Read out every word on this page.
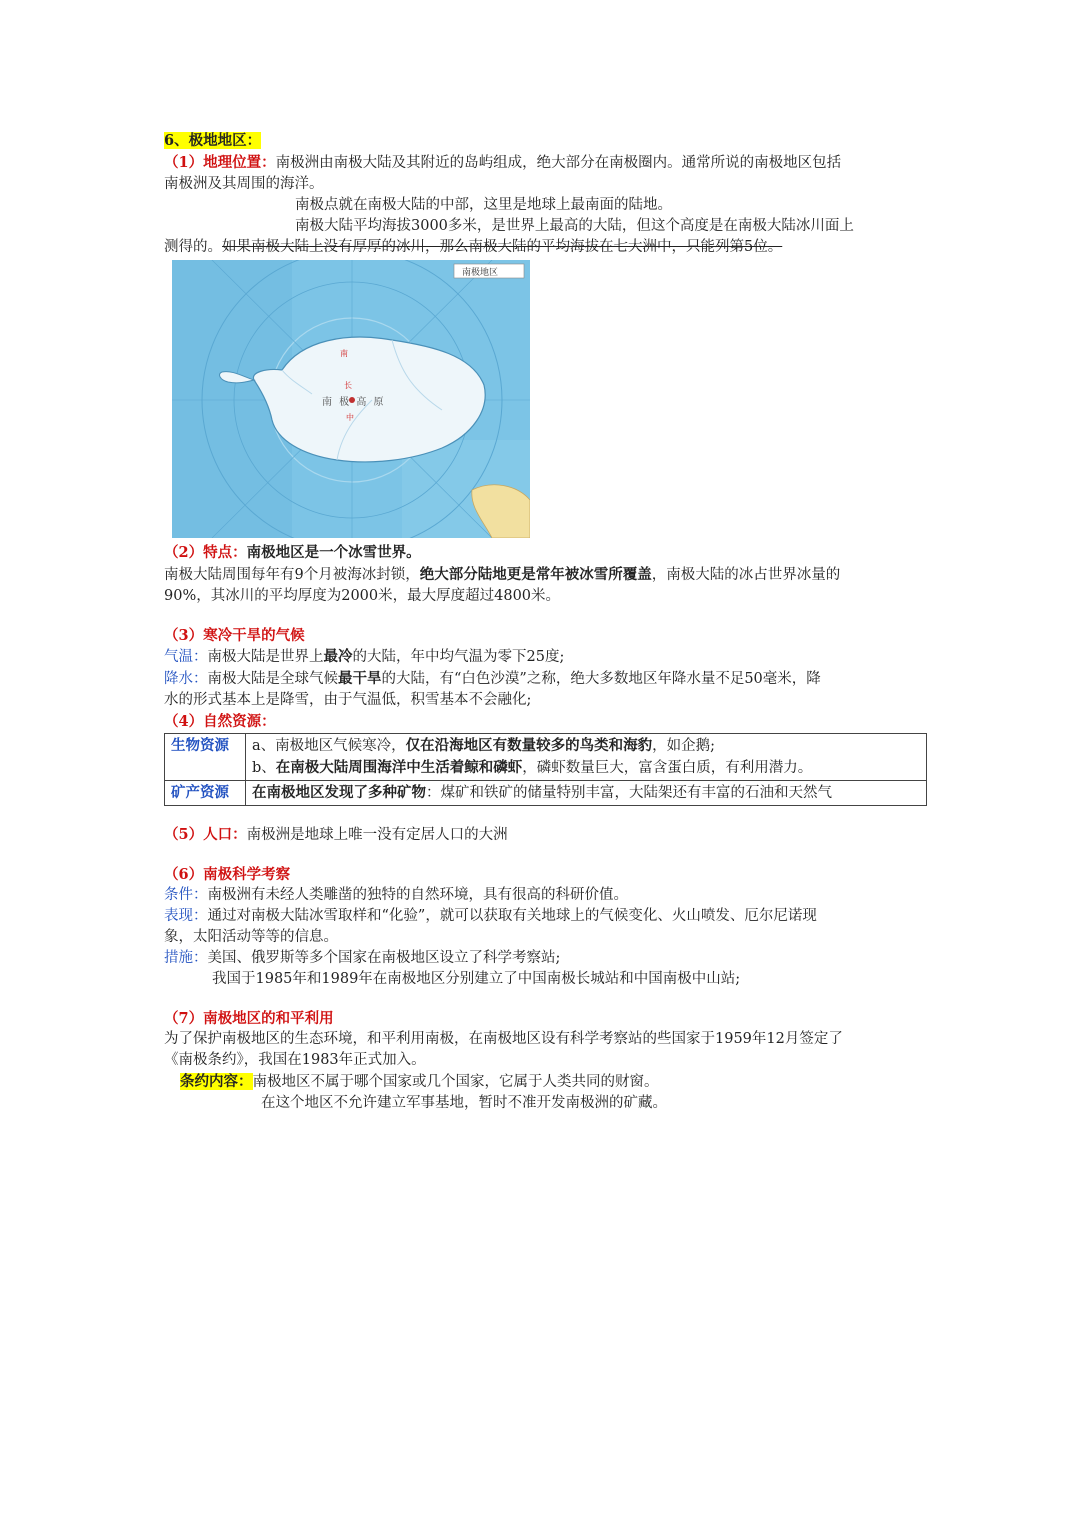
6、极地地区：

（1）地理位置：南极洲由南极大陆及其附近的岛屿组成，绝大部分在南极圈内。通常所说的南极地区包括

南极洲及其周围的海洋。

南极点就在南极大陆的中部，这里是地球上最南面的陆地。

南极大陆平均海拔3000多米，是世界上最高的大陆，但这个高度是在南极大陆冰川面上

测得的。如果南极大陆上没有厚厚的冰川，那么南极大陆的平均海拔在七大洲中，只能列第5位。

南
长
中
南 极 高 原
南极地区

（2）特点：南极地区是一个冰雪世界。

南极大陆周围每年有9个月被海冰封锁，绝大部分陆地更是常年被冰雪所覆盖，南极大陆的冰占世界冰量的

90%，其冰川的平均厚度为2000米，最大厚度超过4800米。

（3）寒冷干旱的气候

气温：南极大陆是世界上最冷的大陆，年中均气温为零下25度;

降水：南极大陆是全球气候最干旱的大陆，有“白色沙漠”之称，绝大多数地区年降水量不足50毫米，降

水的形式基本上是降雪，由于气温低，积雪基本不会融化;

（4）自然资源：

生物资源	a、南极地区气候寒冷，仅在沿海地区有数量较多的鸟类和海豹，如企鹅;
b、在南极大陆周围海洋中生活着鲸和磷虾，磷虾数量巨大，富含蛋白质，有利用潜力。

矿产资源	在南极地区发现了多种矿物：煤矿和铁矿的储量特别丰富，大陆架还有丰富的石油和天然气

（5）人口：南极洲是地球上唯一没有定居人口的大洲

（6）南极科学考察

条件：南极洲有未经人类雕凿的独特的自然环境，具有很高的科研价值。

表现：通过对南极大陆冰雪取样和“化验”，就可以获取有关地球上的气候变化、火山喷发、厄尔尼诺现

象，太阳活动等等的信息。

措施：美国、俄罗斯等多个国家在南极地区设立了科学考察站;

我国于1985年和1989年在南极地区分别建立了中国南极长城站和中国南极中山站;

（7）南极地区的和平利用

为了保护南极地区的生态环境，和平利用南极，在南极地区设有科学考察站的些国家于1959年12月签定了

《南极条约》，我国在1983年正式加入。

条约内容：南极地区不属于哪个国家或几个国家，它属于人类共同的财窗。

在这个地区不允许建立军事基地，暂时不准开发南极洲的矿藏。
